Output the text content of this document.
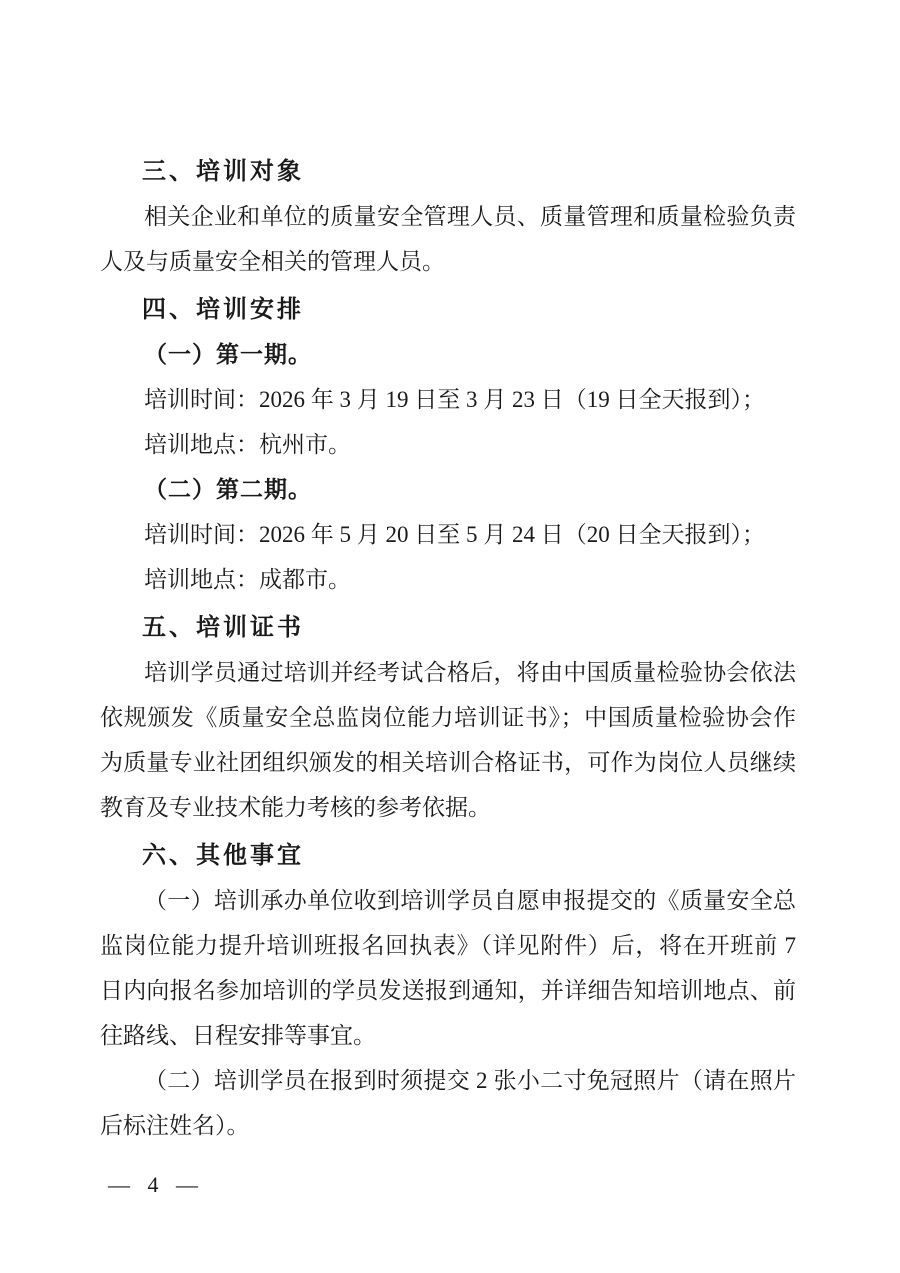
三、培训对象

相关企业和单位的质量安全管理人员、质量管理和质量检验负责人及与质量安全相关的管理人员。

四、培训安排

（一）第一期。

培训时间：2026 年 3 月 19 日至 3 月 23 日（19 日全天报到）；

培训地点：杭州市。

（二）第二期。

培训时间：2026 年 5 月 20 日至 5 月 24 日（20 日全天报到）；

培训地点：成都市。

五、培训证书

培训学员通过培训并经考试合格后，将由中国质量检验协会依法依规颁发《质量安全总监岗位能力培训证书》；中国质量检验协会作为质量专业社团组织颁发的相关培训合格证书，可作为岗位人员继续教育及专业技术能力考核的参考依据。

六、其他事宜

（一）培训承办单位收到培训学员自愿申报提交的《质量安全总监岗位能力提升培训班报名回执表》（详见附件）后，将在开班前 7 日内向报名参加培训的学员发送报到通知，并详细告知培训地点、前往路线、日程安排等事宜。

（二）培训学员在报到时须提交 2 张小二寸免冠照片（请在照片后标注姓名）。

— 4 —
